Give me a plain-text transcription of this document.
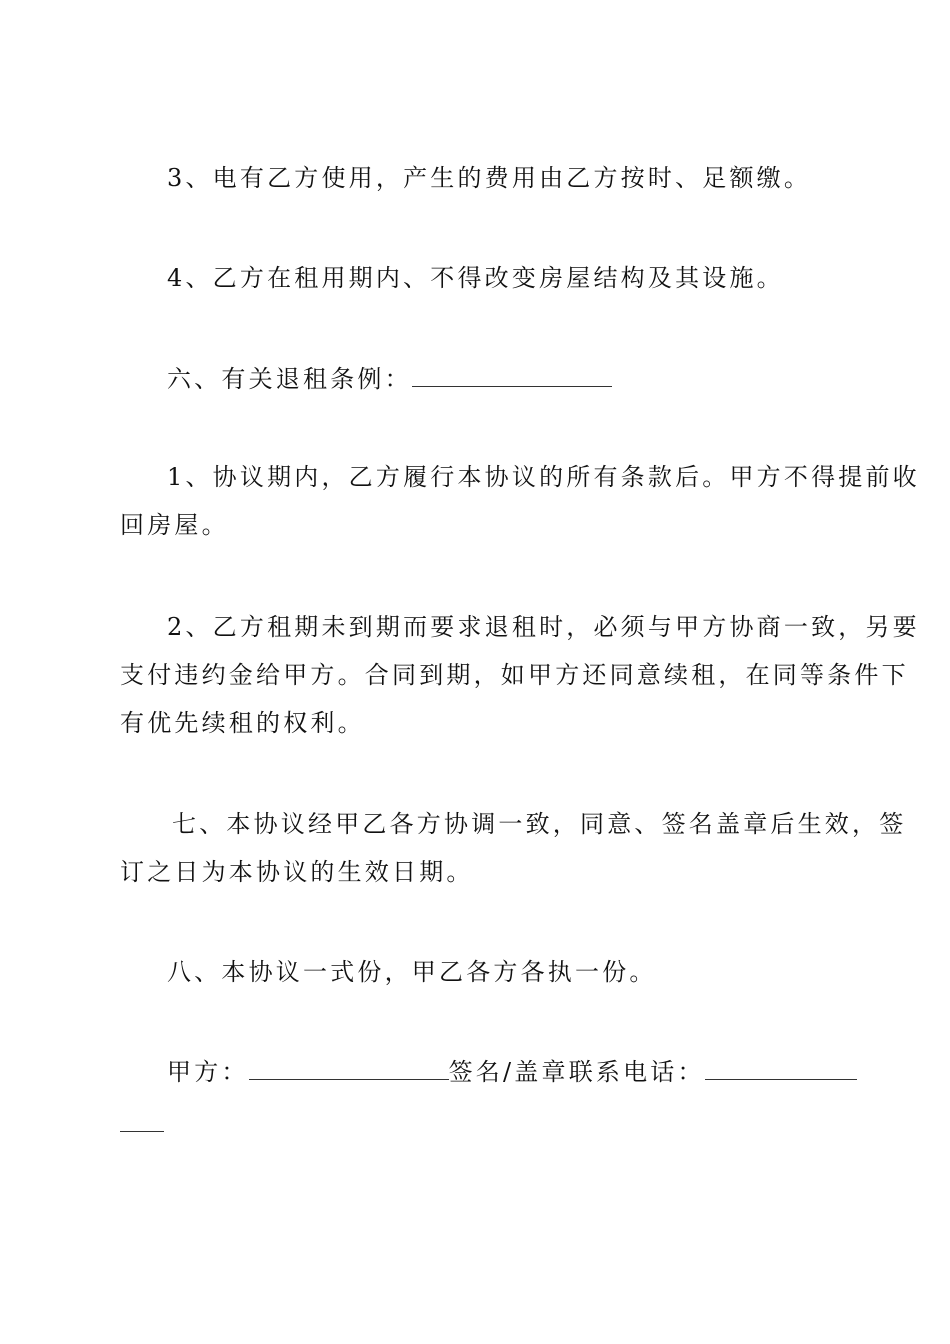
3、电有乙方使用，产生的费用由乙方按时、足额缴。
4、乙方在租用期内、不得改变房屋结构及其设施。
六、有关退租条例：
1、协议期内，乙方履行本协议的所有条款后。甲方不得提前收
回房屋。
2、乙方租期未到期而要求退租时，必须与甲方协商一致，另要
支付违约金给甲方。合同到期，如甲方还同意续租，在同等条件下
有优先续租的权利。
七、本协议经甲乙各方协调一致，同意、签名盖章后生效，签
订之日为本协议的生效日期。
八、本协议一式份，甲乙各方各执一份。
甲方：	签名/盖章联系电话：
